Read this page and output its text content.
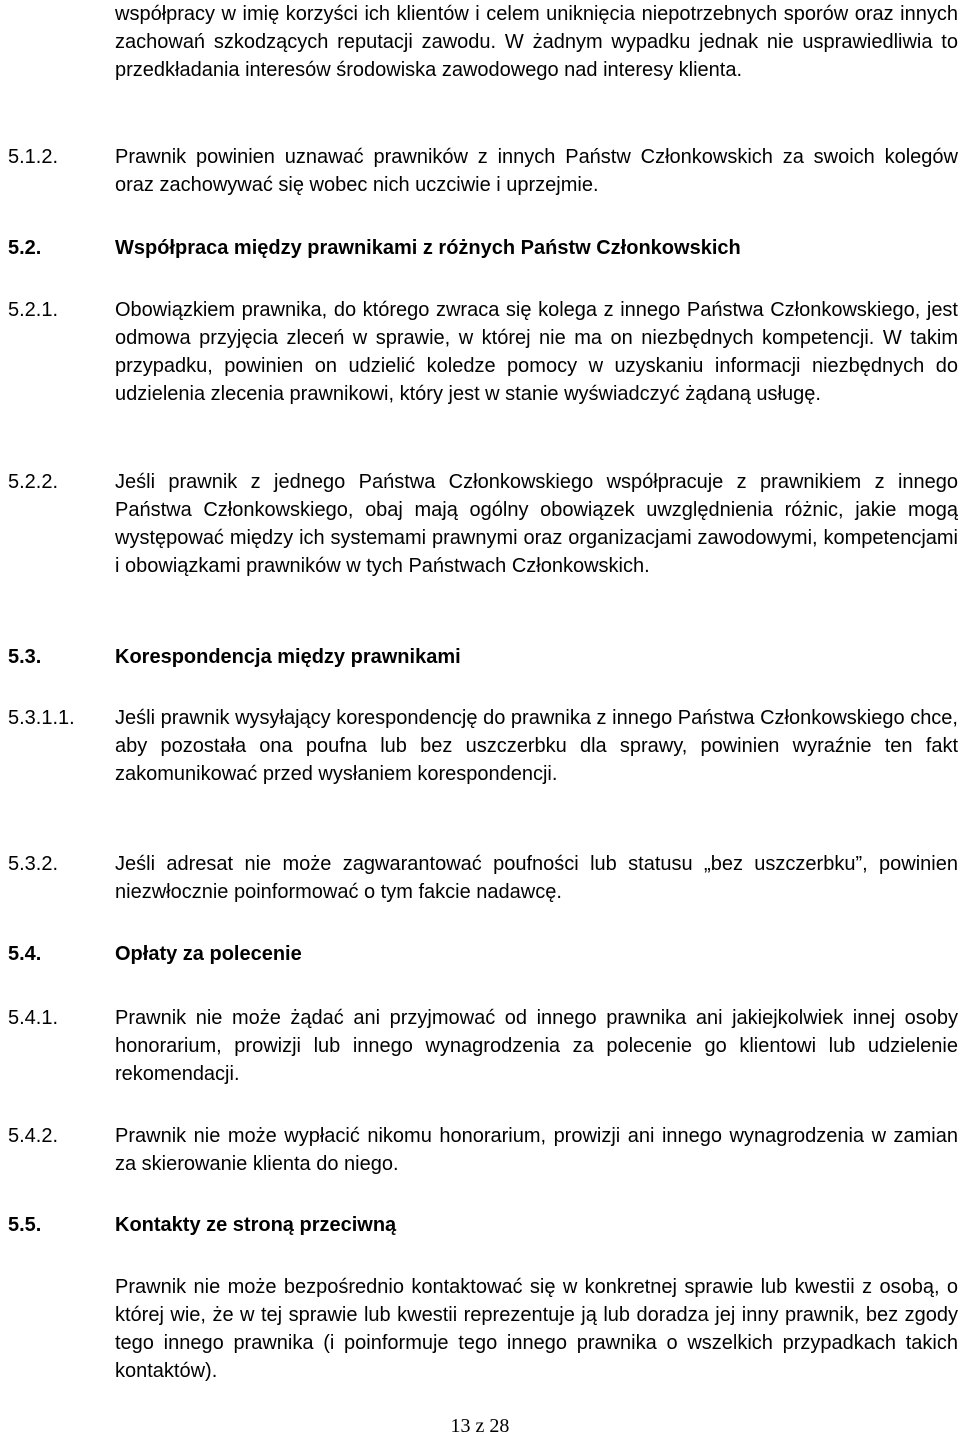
współpracy w imię korzyści ich klientów i celem uniknięcia niepotrzebnych sporów oraz innych zachowań szkodzących reputacji zawodu. W żadnym wypadku jednak nie usprawiedliwia to przedkładania interesów środowiska zawodowego nad interesy klienta.
5.1.2.	Prawnik powinien uznawać prawników z innych Państw Członkowskich za swoich kolegów oraz zachowywać się wobec nich uczciwie i uprzejmie.
5.2.	Współpraca między prawnikami z różnych Państw Członkowskich
5.2.1.	Obowiązkiem prawnika, do którego zwraca się kolega z innego Państwa Członkowskiego, jest odmowa przyjęcia zleceń w sprawie, w której nie ma on niezbędnych kompetencji. W takim przypadku, powinien on udzielić koledze pomocy w uzyskaniu informacji niezbędnych do udzielenia zlecenia prawnikowi, który jest w stanie wyświadczyć żądaną usługę.
5.2.2.	Jeśli prawnik z jednego Państwa Członkowskiego współpracuje z prawnikiem z innego Państwa Członkowskiego, obaj mają ogólny obowiązek uwzględnienia różnic, jakie mogą występować między ich systemami prawnymi oraz organizacjami zawodowymi, kompetencjami i obowiązkami prawników w tych Państwach Członkowskich.
5.3.	Korespondencja między prawnikami
5.3.1.1. Jeśli prawnik wysyłający korespondencję do prawnika z innego Państwa Członkowskiego chce, aby pozostała ona poufna lub bez uszczerbku dla sprawy, powinien wyraźnie ten fakt zakomunikować przed wysłaniem korespondencji.
5.3.2.	Jeśli adresat nie może zagwarantować poufności lub statusu „bez uszczerbku”, powinien niezwłocznie poinformować o tym fakcie nadawcę.
5.4.	Opłaty za polecenie
5.4.1.	Prawnik nie może żądać ani przyjmować od innego prawnika ani jakiejkolwiek innej osoby honorarium, prowizji lub innego wynagrodzenia za polecenie go klientowi lub udzielenie rekomendacji.
5.4.2.	Prawnik nie może wypłacić nikomu honorarium, prowizji ani innego wynagrodzenia w zamian za skierowanie klienta do niego.
5.5.	Kontakty ze stroną przeciwną
Prawnik nie może bezpośrednio kontaktować się w konkretnej sprawie lub kwestii z osobą, o której wie, że w tej sprawie lub kwestii reprezentuje ją lub doradza jej inny prawnik, bez zgody tego innego prawnika (i poinformuje tego innego prawnika o wszelkich przypadkach takich kontaktów).
13 z 28
